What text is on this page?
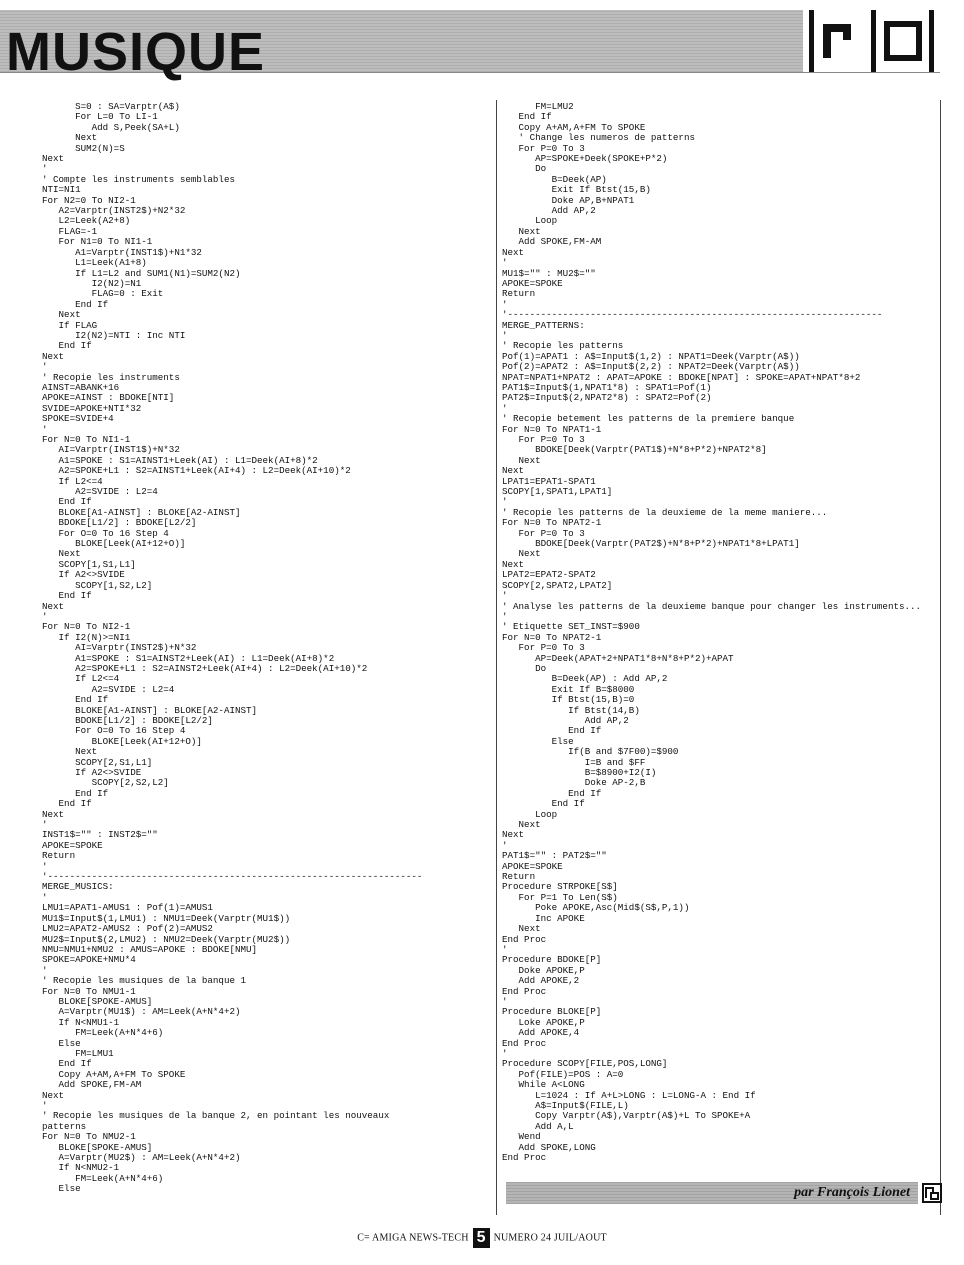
MUSIQUE
S=0 : SA=Varptr(A$)
For L=0 To LI-1
Add S,Peek(SA+L)
Next
SUM2(N)=S
Next
'
' Compte les instruments semblables
NTI=NI1
For N2=0 To NI2-1
A2=Varptr(INST2$)+N2*32
L2=Leek(A2+8)
FLAG=-1
For N1=0 To NI1-1
A1=Varptr(INST1$)+N1*32
L1=Leek(A1+8)
If L1=L2 and SUM1(N1)=SUM2(N2)
I2(N2)=N1
FLAG=0 : Exit
End If
Next
If FLAG
I2(N2)=NTI : Inc NTI
End If
Next
'
' Recopie les instruments
AINST=ABANK+16
APOKE=AINST : BDOKE[NTI]
SVIDE=APOKE+NTI*32
SPOKE=SVIDE+4
'
For N=0 To NI1-1
AI=Varptr(INST1$)+N*32
A1=SPOKE : S1=AINST1+Leek(AI) : L1=Deek(AI+8)*2
A2=SPOKE+L1 : S2=AINST1+Leek(AI+4) : L2=Deek(AI+10)*2
If L2<=4
A2=SVIDE : L2=4
End If
BLOKE[A1-AINST] : BLOKE[A2-AINST]
BDOKE[L1/2] : BDOKE[L2/2]
For O=0 To 16 Step 4
BLOKE[Leek(AI+12+O)]
Next
SCOPY[1,S1,L1]
If A2<>SVIDE
SCOPY[1,S2,L2]
End If
Next
'
For N=0 To NI2-1
If I2(N)>=NI1
AI=Varptr(INST2$)+N*32
A1=SPOKE : S1=AINST2+Leek(AI) : L1=Deek(AI+8)*2
A2=SPOKE+L1 : S2=AINST2+Leek(AI+4) : L2=Deek(AI+10)*2
If L2<=4
A2=SVIDE : L2=4
End If
BLOKE[A1-AINST] : BLOKE[A2-AINST]
BDOKE[L1/2] : BDOKE[L2/2]
For O=0 To 16 Step 4
BLOKE[Leek(AI+12+O)]
Next
SCOPY[2,S1,L1]
If A2<>SVIDE
SCOPY[2,S2,L2]
End If
End If
Next
'
INST1$="" : INST2$=""
APOKE=SPOKE
Return
'
'--------------------------------------------------------------------
MERGE_MUSICS:
'
LMU1=APAT1-AMUS1 : Pof(1)=AMUS1
MU1$=Input$(1,LMU1) : NMU1=Deek(Varptr(MU1$))
LMU2=APAT2-AMUS2 : Pof(2)=AMUS2
MU2$=Input$(2,LMU2) : NMU2=Deek(Varptr(MU2$))
NMU=NMU1+NMU2 : AMUS=APOKE : BDOKE[NMU]
SPOKE=APOKE+NMU*4
'
' Recopie les musiques de la banque 1
For N=0 To NMU1-1
BLOKE[SPOKE-AMUS]
A=Varptr(MU1$) : AM=Leek(A+N*4+2)
If N<NMU1-1
FM=Leek(A+N*4+6)
Else
FM=LMU1
End If
Copy A+AM,A+FM To SPOKE
Add SPOKE,FM-AM
Next
'
' Recopie les musiques de la banque 2, en pointant les nouveaux
patterns
For N=0 To NMU2-1
BLOKE[SPOKE-AMUS]
A=Varptr(MU2$) : AM=Leek(A+N*4+2)
If N<NMU2-1
FM=Leek(A+N*4+6)
Else
FM=LMU2
End If
Copy A+AM,A+FM To SPOKE
' Change les numeros de patterns
For P=0 To 3
AP=SPOKE+Deek(SPOKE+P*2)
Do
B=Deek(AP)
Exit If Btst(15,B)
Doke AP,B+NPAT1
Add AP,2
Loop
Next
Add SPOKE,FM-AM
Next
'
MU1$="" : MU2$=""
APOKE=SPOKE
Return
'
'--------------------------------------------------------------------
MERGE_PATTERNS:
'
' Recopie les patterns
Pof(1)=APAT1 : A$=Input$(1,2) : NPAT1=Deek(Varptr(A$))
Pof(2)=APAT2 : A$=Input$(2,2) : NPAT2=Deek(Varptr(A$))
NPAT=NPAT1+NPAT2 : APAT=APOKE : BDOKE[NPAT] : SPOKE=APAT+NPAT*8+2
PAT1$=Input$(1,NPAT1*8) : SPAT1=Pof(1)
PAT2$=Input$(2,NPAT2*8) : SPAT2=Pof(2)
'
' Recopie betement les patterns de la premiere banque
For N=0 To NPAT1-1
For P=0 To 3
BDOKE[Deek(Varptr(PAT1$)+N*8+P*2)+NPAT2*8]
Next
Next
LPAT1=EPAT1-SPAT1
SCOPY[1,SPAT1,LPAT1]
'
' Recopie les patterns de la deuxieme de la meme maniere...
For N=0 To NPAT2-1
For P=0 To 3
BDOKE[Deek(Varptr(PAT2$)+N*8+P*2)+NPAT1*8+LPAT1]
Next
Next
LPAT2=EPAT2-SPAT2
SCOPY[2,SPAT2,LPAT2]
'
' Analyse les patterns de la deuxieme banque pour changer les instruments...
'
' Etiquette SET_INST=$900
For N=0 To NPAT2-1
For P=0 To 3
AP=Deek(APAT+2+NPAT1*8+N*8+P*2)+APAT
Do
B=Deek(AP) : Add AP,2
Exit If B=$8000
If Btst(15,B)=0
If Btst(14,B)
Add AP,2
End If
Else
If(B and $7F00)=$900
I=B and $FF
B=$8900+I2(I)
Doke AP-2,B
End If
End If
Loop
Next
Next
'
PAT1$="" : PAT2$=""
APOKE=SPOKE
Return
Procedure STRPOKE[S$]
For P=1 To Len(S$)
Poke APOKE,Asc(Mid$(S$,P,1))
Inc APOKE
Next
End Proc
'
Procedure BDOKE[P]
Doke APOKE,P
Add APOKE,2
End Proc
'
Procedure BLOKE[P]
Loke APOKE,P
Add APOKE,4
End Proc
'
Procedure SCOPY[FILE,POS,LONG]
Pof(FILE)=POS : A=0
While A<LONG
L=1024 : If A+L>LONG : L=LONG-A : End If
A$=Input$(FILE,L)
Copy Varptr(A$),Varptr(A$)+L To SPOKE+A
Add A,L
Wend
Add SPOKE,LONG
End Proc
par François Lionet
C= AMIGA NEWS-TECH 5 NUMERO 24 JUIL/AOUT
